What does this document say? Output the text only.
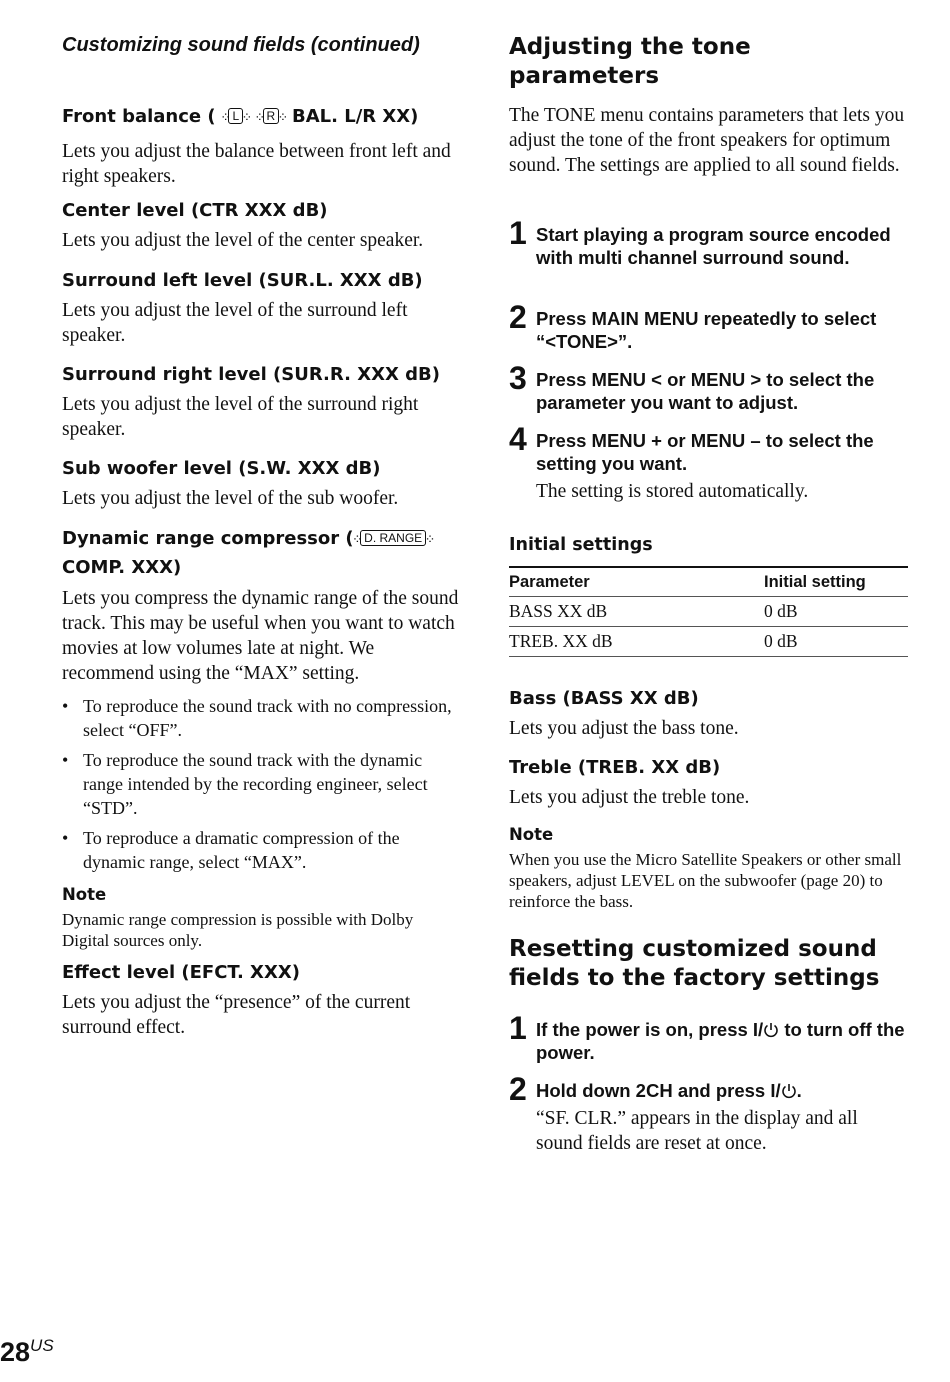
Customizing sound fields (continued)

Front balance ( ⁘ L ⁘ ⁘ R ⁘ BAL. L/R XX)

Lets you adjust the balance between front left and right speakers.

Center level (CTR XXX dB)

Lets you adjust the level of the center speaker.

Surround left level (SUR.L. XXX dB)

Lets you adjust the level of the surround left speaker.

Surround right level (SUR.R. XXX dB)

Lets you adjust the level of the surround right speaker.

Sub woofer level (S.W. XXX dB)

Lets you adjust the level of the sub woofer.

Dynamic range compressor (⁘ D. RANGE ⁘
COMP. XXX)

Lets you compress the dynamic range of the sound track. This may be useful when you want to watch movies at low volumes late at night. We recommend using the “MAX” setting.

• To reproduce the sound track with no compression, select “OFF”.
• To reproduce the sound track with the dynamic range intended by the recording engineer, select “STD”.
• To reproduce a dramatic compression of the dynamic range, select “MAX”.

Note

Dynamic range compression is possible with Dolby Digital sources only.

Effect level (EFCT. XXX)

Lets you adjust the “presence” of the current surround effect.

Adjusting the tone parameters

The TONE menu contains parameters that lets you adjust the tone of the front speakers for optimum sound. The settings are applied to all sound fields.

1 Start playing a program source encoded with multi channel surround sound.
2 Press MAIN MENU repeatedly to select “<TONE>”.
3 Press MENU < or MENU > to select the parameter you want to adjust.
4 Press MENU + or MENU – to select the setting you want.
The setting is stored automatically.

Initial settings

Parameter	Initial setting
BASS XX dB	0 dB
TREB. XX dB	0 dB

Bass (BASS XX dB)

Lets you adjust the bass tone.

Treble (TREB. XX dB)

Lets you adjust the treble tone.

Note

When you use the Micro Satellite Speakers or other small speakers, adjust LEVEL on the subwoofer (page 20) to reinforce the bass.

Resetting customized sound fields to the factory settings

1 If the power is on, press I/ to turn off the power.
2 Hold down 2CH and press I/ .
“SF. CLR.” appears in the display and all sound fields are reset at once.
$28^{US}$
